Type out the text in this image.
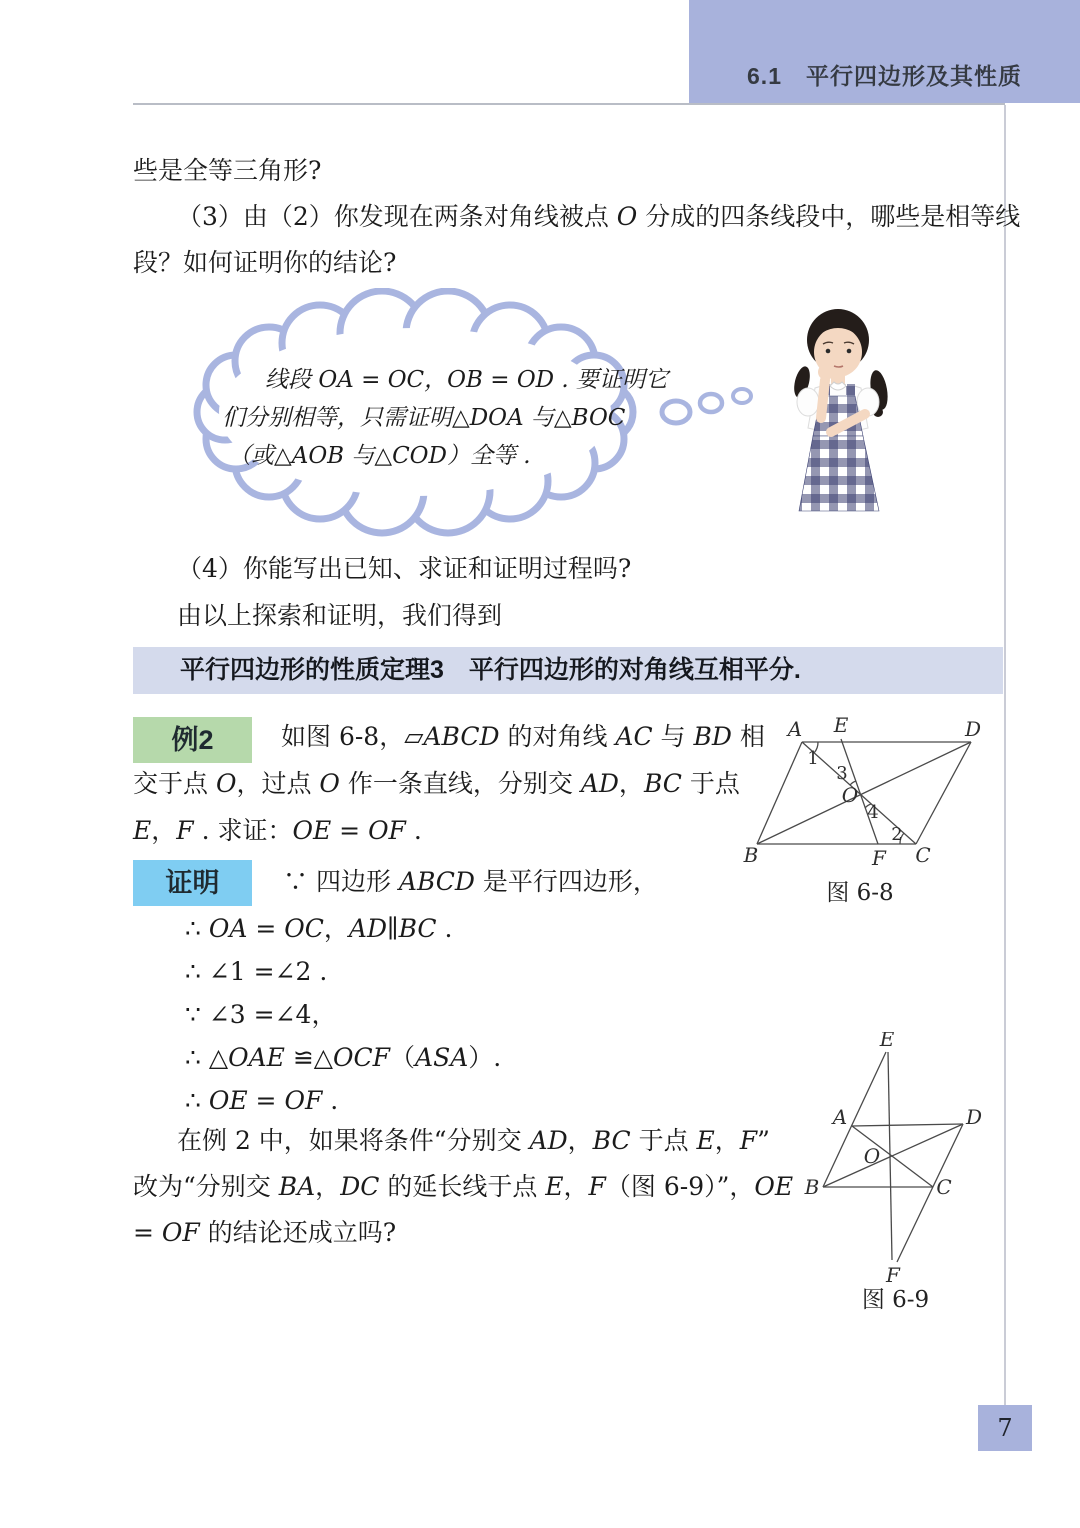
6.1 平行四边形及其性质
些是全等三角形?
（3）由（2）你发现在两条对角线被点 O 分成的四条线段中，哪些是相等线
段？如何证明你的结论?
线段 OA = OC，OB = OD . 要证明它
们分别相等，只需证明△DOA 与△BOC
（或△AOB 与△COD）全等 .
（4）你能写出已知、求证和证明过程吗?
由以上探索和证明，我们得到
平行四边形的性质定理3　平行四边形的对角线互相平分.
例2	如图 6-8，▱ABCD 的对角线 AC 与 BD 相
交于点 O，过点 O 作一条直线，分别交 AD，BC 于点
E，F . 求证：OE = OF .
A E	D
B	F C
O
1
3
4
2
图 6-8
证明	∵ 四边形 ABCD 是平行四边形，
∴ OA = OC，AD∥BC .
∴ ∠1 =∠2 .
∵ ∠3 =∠4，
∴ △OAE ≌△OCF（ASA）.
∴ OE = OF .
在例 2 中，如果将条件“分别交 AD，BC 于点 E，F”
改为“分别交 BA，DC 的延长线于点 E，F（图 6-9）”，OE
= OF 的结论还成立吗?
E
A	D
O
B	C
F
图 6-9
7
